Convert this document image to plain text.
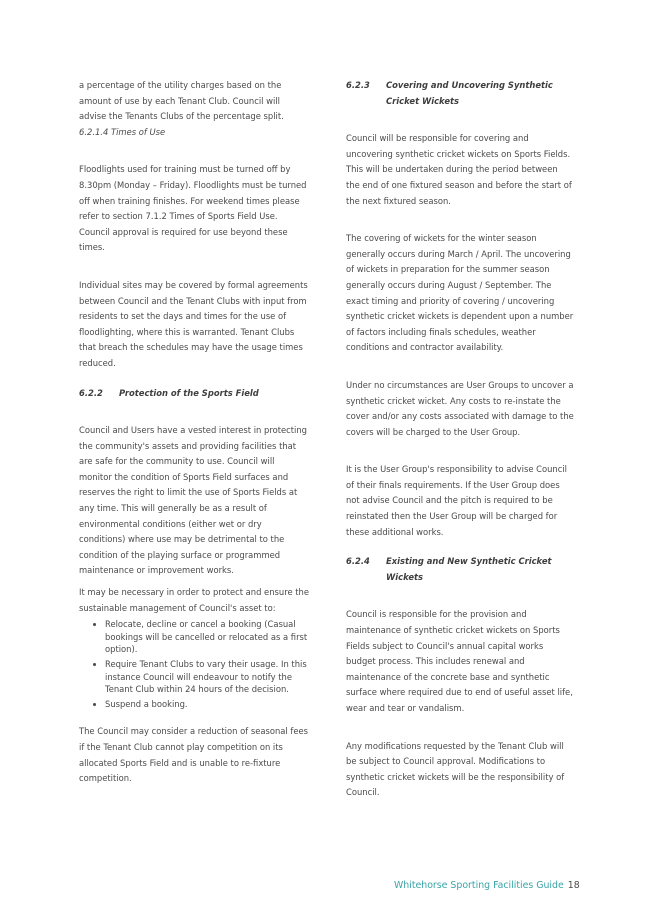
a percentage of the utility charges based on the amount of use by each Tenant Club. Council will advise the Tenants Clubs of the percentage split.

6.2.1.4 Times of Use

Floodlights used for training must be turned off by 8.30pm (Monday – Friday). Floodlights must be turned off when training finishes. For weekend times please refer to section 7.1.2 Times of Sports Field Use. Council approval is required for use beyond these times.

Individual sites may be covered by formal agreements between Council and the Tenant Clubs with input from residents to set the days and times for the use of floodlighting, where this is warranted. Tenant Clubs that breach the schedules may have the usage times reduced.

6.2.2	Protection of the Sports Field

Council and Users have a vested interest in protecting the community's assets and providing facilities that are safe for the community to use. Council will monitor the condition of Sports Field surfaces and reserves the right to limit the use of Sports Fields at any time. This will generally be as a result of environmental conditions (either wet or dry conditions) where use may be detrimental to the condition of the playing surface or programmed maintenance or improvement works.

It may be necessary in order to protect and ensure the sustainable management of Council's asset to:

• Relocate, decline or cancel a booking (Casual bookings will be cancelled or relocated as a first option).
• Require Tenant Clubs to vary their usage. In this instance Council will endeavour to notify the Tenant Club within 24 hours of the decision.
• Suspend a booking.

The Council may consider a reduction of seasonal fees if the Tenant Club cannot play competition on its allocated Sports Field and is unable to re-fixture competition.

6.2.3	Covering and Uncovering Synthetic Cricket Wickets

Council will be responsible for covering and uncovering synthetic cricket wickets on Sports Fields. This will be undertaken during the period between the end of one fixtured season and before the start of the next fixtured season.

The covering of wickets for the winter season generally occurs during March / April. The uncovering of wickets in preparation for the summer season generally occurs during August / September. The exact timing and priority of covering / uncovering synthetic cricket wickets is dependent upon a number of factors including finals schedules, weather conditions and contractor availability.

Under no circumstances are User Groups to uncover a synthetic cricket wicket. Any costs to re-instate the cover and/or any costs associated with damage to the covers will be charged to the User Group.

It is the User Group's responsibility to advise Council of their finals requirements. If the User Group does not advise Council and the pitch is required to be reinstated then the User Group will be charged for these additional works.

6.2.4	Existing and New Synthetic Cricket Wickets

Council is responsible for the provision and maintenance of synthetic cricket wickets on Sports Fields subject to Council's annual capital works budget process. This includes renewal and maintenance of the concrete base and synthetic surface where required due to end of useful asset life, wear and tear or vandalism.

Any modifications requested by the Tenant Club will be subject to Council approval. Modifications to synthetic cricket wickets will be the responsibility of Council.

Whitehorse Sporting Facilities Guide 18
